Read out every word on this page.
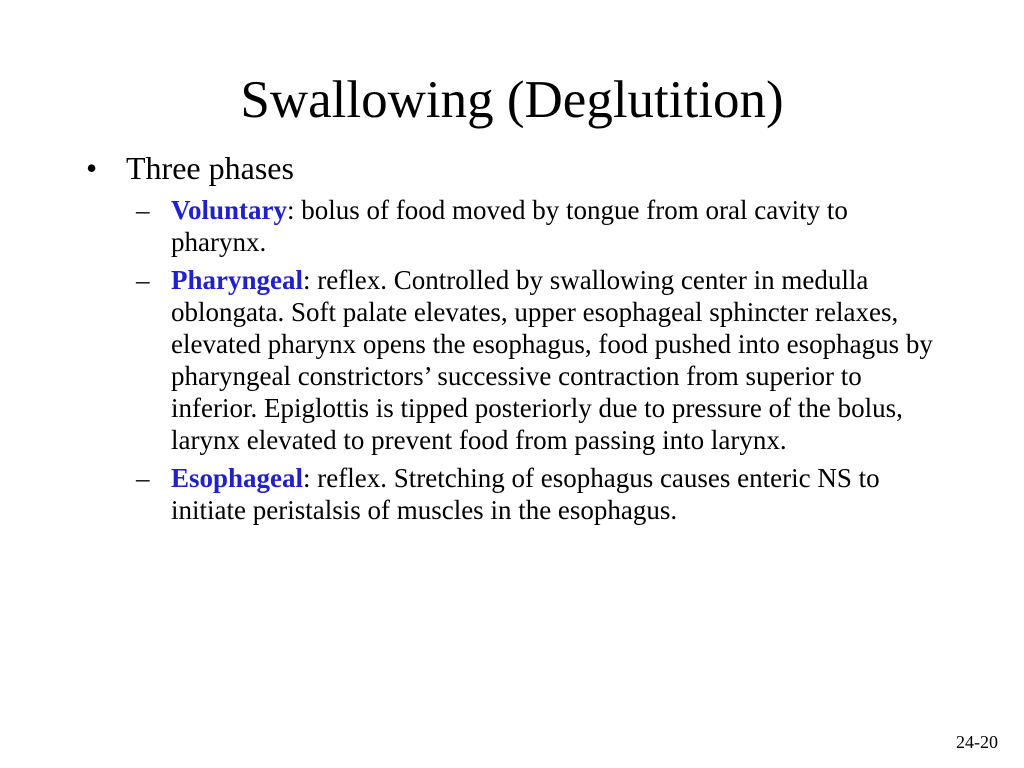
Swallowing (Deglutition)
• Three phases
– Voluntary: bolus of food moved by tongue from oral cavity to pharynx.
– Pharyngeal: reflex. Controlled by swallowing center in medulla oblongata. Soft palate elevates, upper esophageal sphincter relaxes, elevated pharynx opens the esophagus, food pushed into esophagus by pharyngeal constrictors’ successive contraction from superior to inferior. Epiglottis is tipped posteriorly due to pressure of the bolus, larynx elevated to prevent food from passing into larynx.
– Esophageal: reflex. Stretching of esophagus causes enteric NS to initiate peristalsis of muscles in the esophagus.
24-20
